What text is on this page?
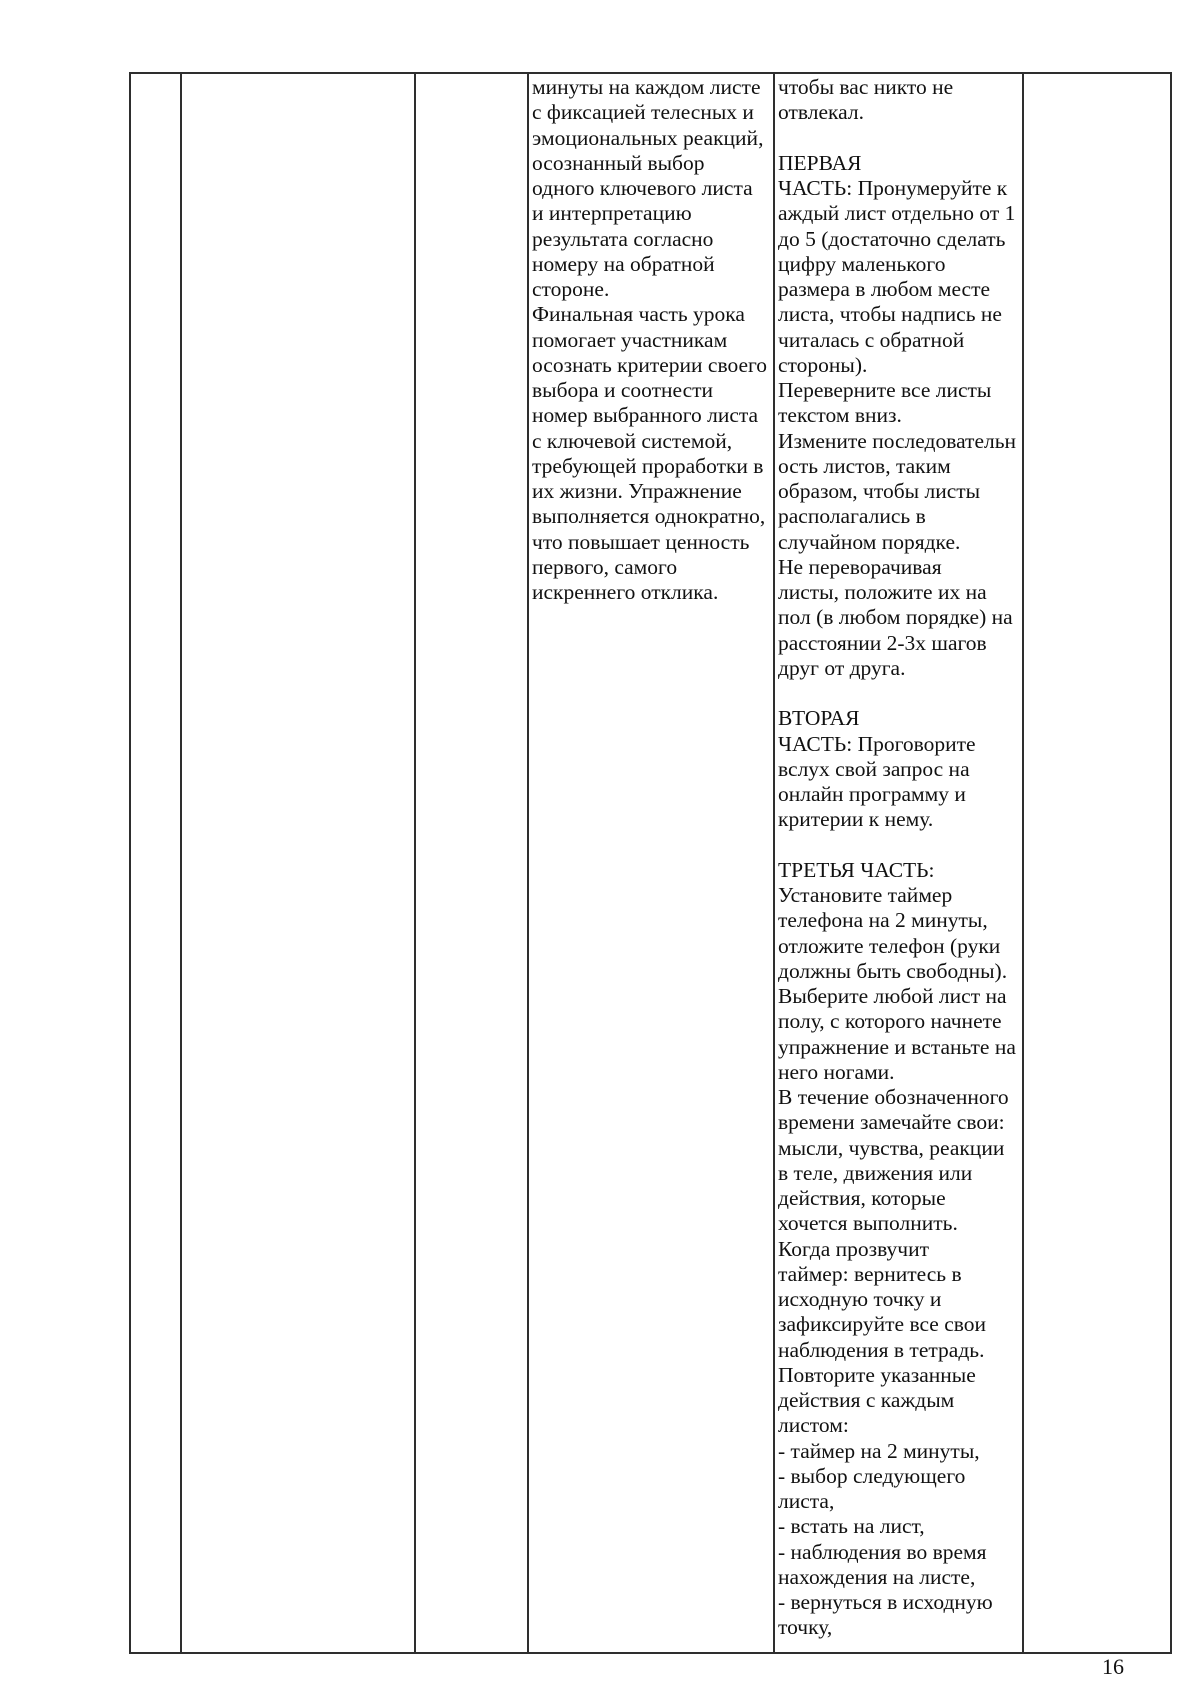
минуты на каждом листе
с фиксацией телесных и
эмоциональных реакций,
осознанный выбор
одного ключевого листа
и интерпретацию
результата согласно
номеру на обратной
стороне.
Финальная часть урока
помогает участникам
осознать критерии своего
выбора и соотнести
номер выбранного листа
с ключевой системой,
требующей проработки в
их жизни. Упражнение
выполняется однократно,
что повышает ценность
первого, самого
искреннего отклика.
чтобы вас никто не
отвлекал.

ПЕРВАЯ
ЧАСТЬ: Пронумеруйте к
аждый лист отдельно от 1
до 5 (достаточно сделать
цифру маленького
размера в любом месте
листа, чтобы надпись не
читалась с обратной
стороны).
Переверните все листы
текстом вниз.
Измените последовательн
ость листов, таким
образом, чтобы листы
располагались в
случайном порядке.
Не переворачивая
листы, положите их на
пол (в любом порядке) на
расстоянии 2-3х шагов
друг от друга.

ВТОРАЯ
ЧАСТЬ: Проговорите
вслух свой запрос на
онлайн программу и
критерии к нему.

ТРЕТЬЯ ЧАСТЬ:
Установите таймер
телефона на 2 минуты,
отложите телефон (руки
должны быть свободны).
Выберите любой лист на
полу, с которого начнете
упражнение и встаньте на
него ногами.
В течение обозначенного
времени замечайте свои:
мысли, чувства, реакции
в теле, движения или
действия, которые
хочется выполнить.
Когда прозвучит
таймер: вернитесь в
исходную точку и
зафиксируйте все свои
наблюдения в тетрадь.
Повторите указанные
действия с каждым
листом:
- таймер на 2 минуты,
- выбор следующего
листа,
- встать на лист,
- наблюдения во время
нахождения на листе,
- вернуться в исходную
точку,
16
